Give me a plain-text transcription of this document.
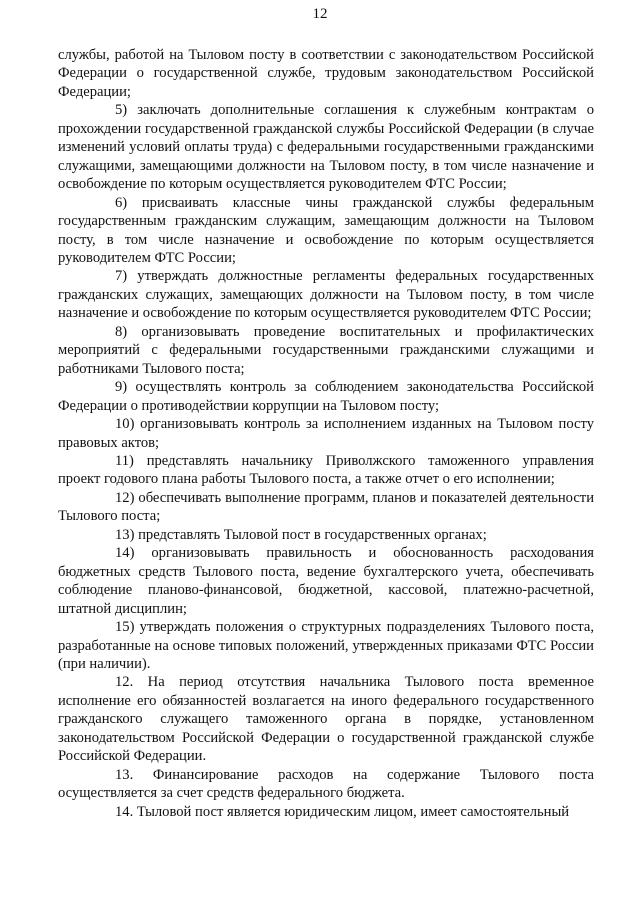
12

службы, работой на Тыловом посту в соответствии с законодательством Российской Федерации о государственной службе, трудовым законодательством Российской Федерации;

5) заключать дополнительные соглашения к служебным контрактам о прохождении государственной гражданской службы Российской Федерации (в случае изменений условий оплаты труда) с федеральными государственными гражданскими служащими, замещающими должности на Тыловом посту, в том числе назначение и освобождение по которым осуществляется руководителем ФТС России;

6) присваивать классные чины гражданской службы федеральным государственным гражданским служащим, замещающим должности на Тыловом посту, в том числе назначение и освобождение по которым осуществляется руководителем ФТС России;

7) утверждать должностные регламенты федеральных государственных гражданских служащих, замещающих должности на Тыловом посту, в том числе назначение и освобождение по которым осуществляется руководителем ФТС России;

8) организовывать проведение воспитательных и профилактических мероприятий с федеральными государственными гражданскими служащими и работниками Тылового поста;

9) осуществлять контроль за соблюдением законодательства Российской Федерации о противодействии коррупции на Тыловом посту;

10) организовывать контроль за исполнением изданных на Тыловом посту правовых актов;

11) представлять начальнику Приволжского таможенного управления проект годового плана работы Тылового поста, а также отчет о его исполнении;

12) обеспечивать выполнение программ, планов и показателей деятельности Тылового поста;

13) представлять Тыловой пост в государственных органах;

14) организовывать правильность и обоснованность расходования бюджетных средств Тылового поста, ведение бухгалтерского учета, обеспечивать соблюдение планово-финансовой, бюджетной, кассовой, платежно-расчетной, штатной дисциплин;

15) утверждать положения о структурных подразделениях Тылового поста, разработанные на основе типовых положений, утвержденных приказами ФТС России (при наличии).

12. На период отсутствия начальника Тылового поста временное исполнение его обязанностей возлагается на иного федерального государственного гражданского служащего таможенного органа в порядке, установленном законодательством Российской Федерации о государственной гражданской службе Российской Федерации.

13. Финансирование расходов на содержание Тылового поста осуществляется за счет средств федерального бюджета.

14. Тыловой пост является юридическим лицом, имеет самостоятельный
